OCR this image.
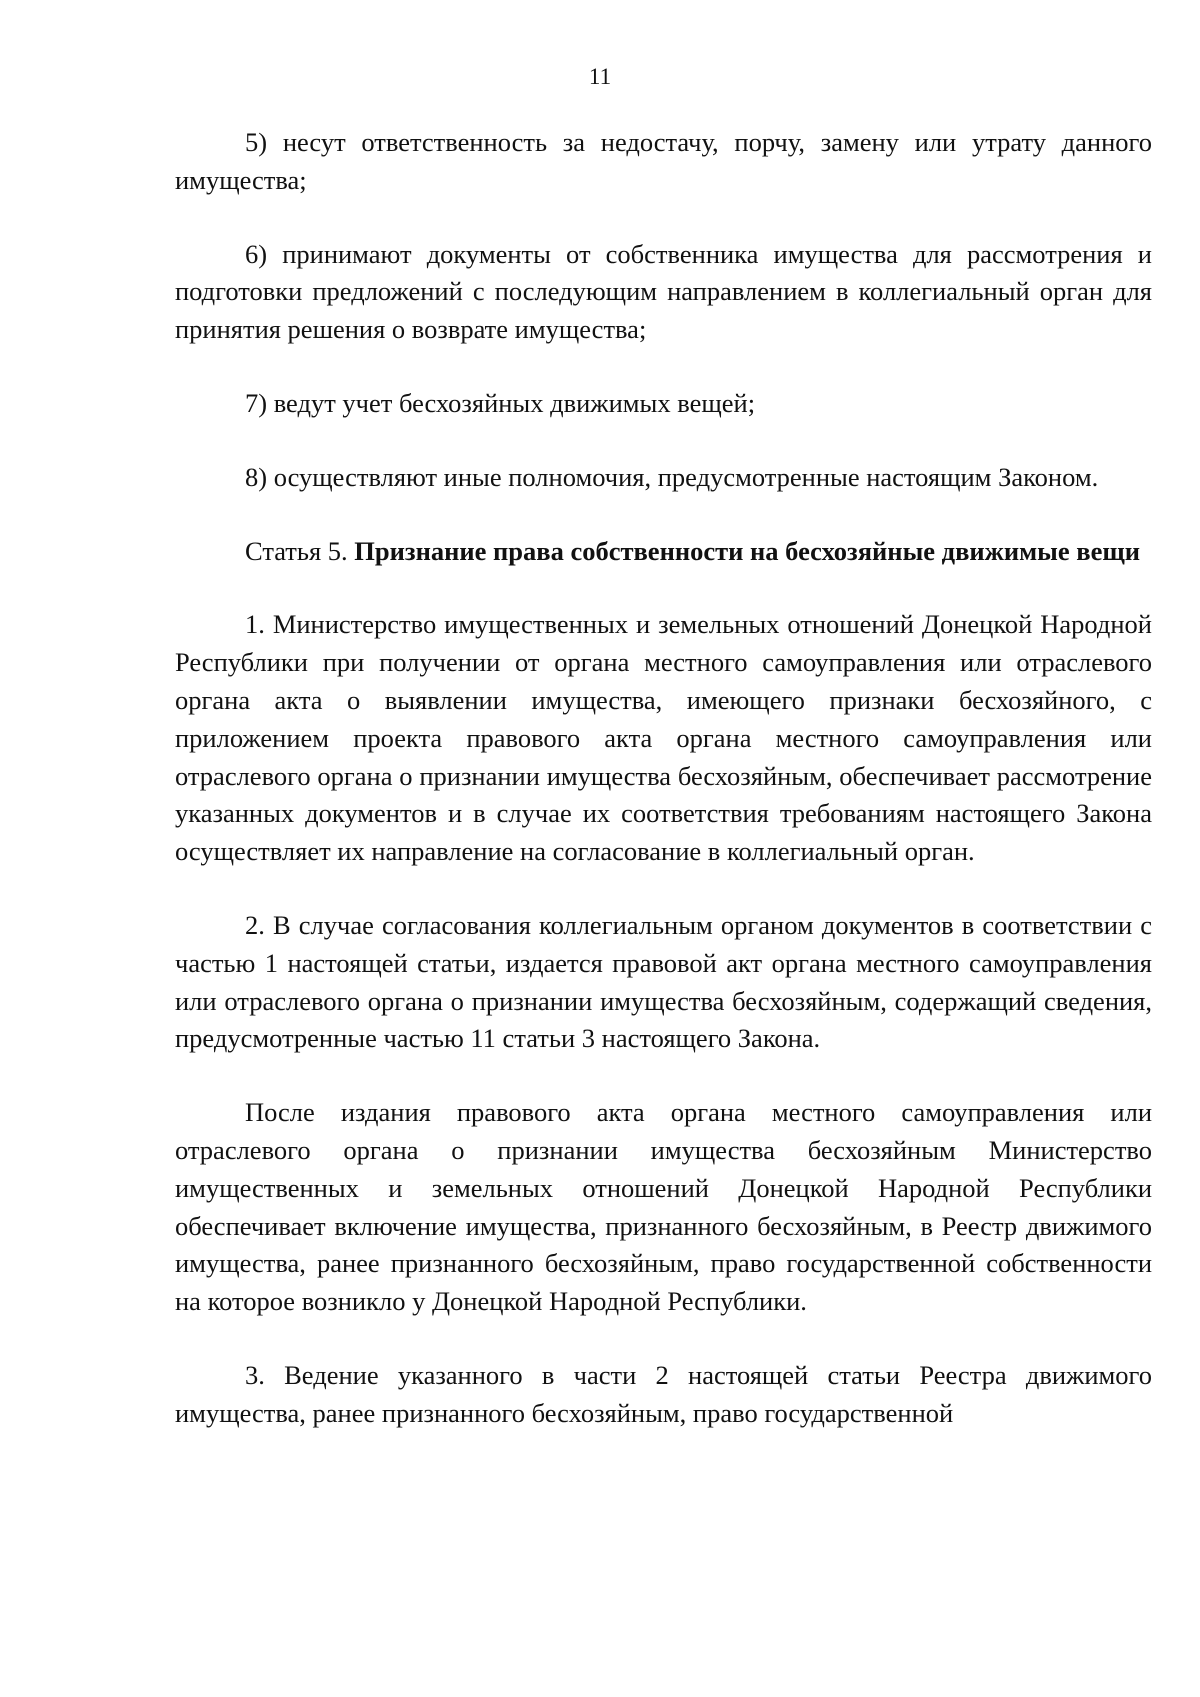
11

5) несут ответственность за недостачу, порчу, замену или утрату данного имущества;

6) принимают документы от собственника имущества для рассмотрения и подготовки предложений с последующим направлением в коллегиальный орган для принятия решения о возврате имущества;

7) ведут учет бесхозяйных движимых вещей;

8) осуществляют иные полномочия, предусмотренные настоящим Законом.

Статья 5. Признание права собственности на бесхозяйные движимые вещи

1. Министерство имущественных и земельных отношений Донецкой Народной Республики при получении от органа местного самоуправления или отраслевого органа акта о выявлении имущества, имеющего признаки бесхозяйного, с приложением проекта правового акта органа местного самоуправления или отраслевого органа о признании имущества бесхозяйным, обеспечивает рассмотрение указанных документов и в случае их соответствия требованиям настоящего Закона осуществляет их направление на согласование в коллегиальный орган.

2. В случае согласования коллегиальным органом документов в соответствии с частью 1 настоящей статьи, издается правовой акт органа местного самоуправления или отраслевого органа о признании имущества бесхозяйным, содержащий сведения, предусмотренные частью 11 статьи 3 настоящего Закона.

После издания правового акта органа местного самоуправления или отраслевого органа о признании имущества бесхозяйным Министерство имущественных и земельных отношений Донецкой Народной Республики обеспечивает включение имущества, признанного бесхозяйным, в Реестр движимого имущества, ранее признанного бесхозяйным, право государственной собственности на которое возникло у Донецкой Народной Республики.

3. Ведение указанного в части 2 настоящей статьи Реестра движимого имущества, ранее признанного бесхозяйным, право государственной
